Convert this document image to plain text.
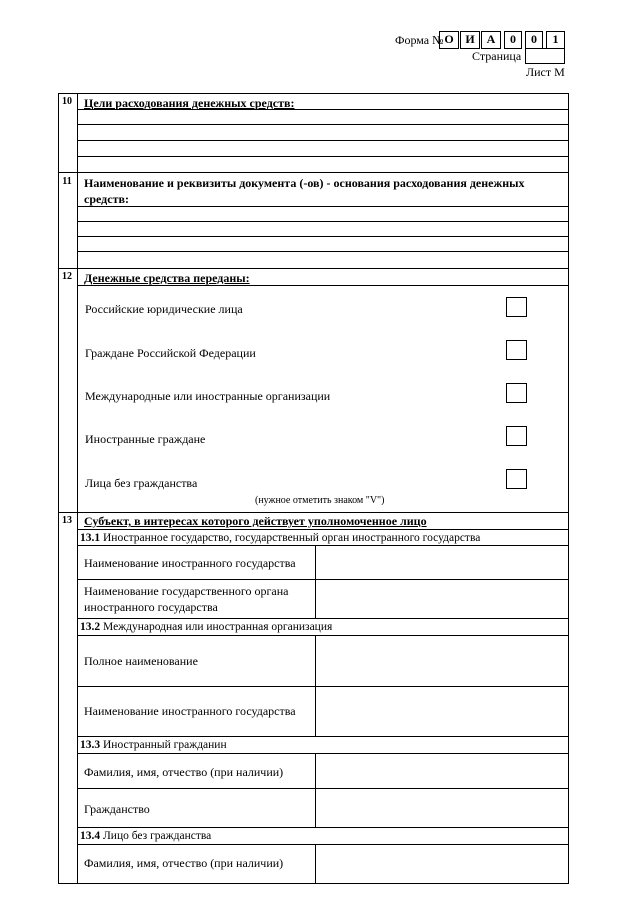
Форма № О И А	0	0	1
Страница
Лист М
10	Цели расходования денежных средств:
11	Наименование и реквизиты документа (-ов) - основания расходования денежных
средств:
12	Денежные средства переданы:
Российские юридические лица
Граждане Российской Федерации
Международные или иностранные организации
Иностранные граждане
Лица без гражданства
(нужное отметить знаком "V")
13	Субъект, в интересах которого действует уполномоченное лицо
13.1 Иностранное государство, государственный орган иностранного государства
Наименование иностранного государства
Наименование государственного органа
иностранного государства
13.2 Международная или иностранная организация
Полное наименование
Наименование иностранного государства
13.3 Иностранный гражданин
Фамилия, имя, отчество (при наличии)
Гражданство
13.4 Лицо без гражданства
Фамилия, имя, отчество (при наличии)
